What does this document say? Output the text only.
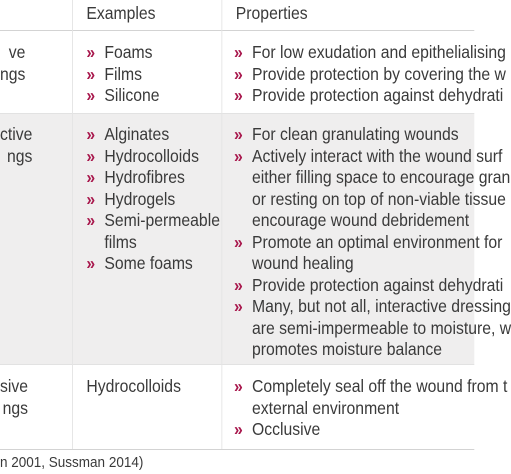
Examples	Properties
ve
ngs
» Foams
» Films
» Silicone
» For low exudation and epithelialising
» Provide protection by covering the w
» Provide protection against dehydrati
ctive
ngs
» Alginates
» Hydrocolloids
» Hydrofibres
» Hydrogels
» Semi-permeable
films
» Some foams
» For clean granulating wounds
» Actively interact with the wound surf
either filling space to encourage gran
or resting on top of non-viable tissue
encourage wound debridement
» Promote an optimal environment for
wound healing
» Provide protection against dehydrati
» Many, but not all, interactive dressing
are semi-impermeable to moisture, w
promotes moisture balance
sive
ngs
Hydrocolloids	» Completely seal off the wound from t
external environment
» Occlusive
n 2001, Sussman 2014)
